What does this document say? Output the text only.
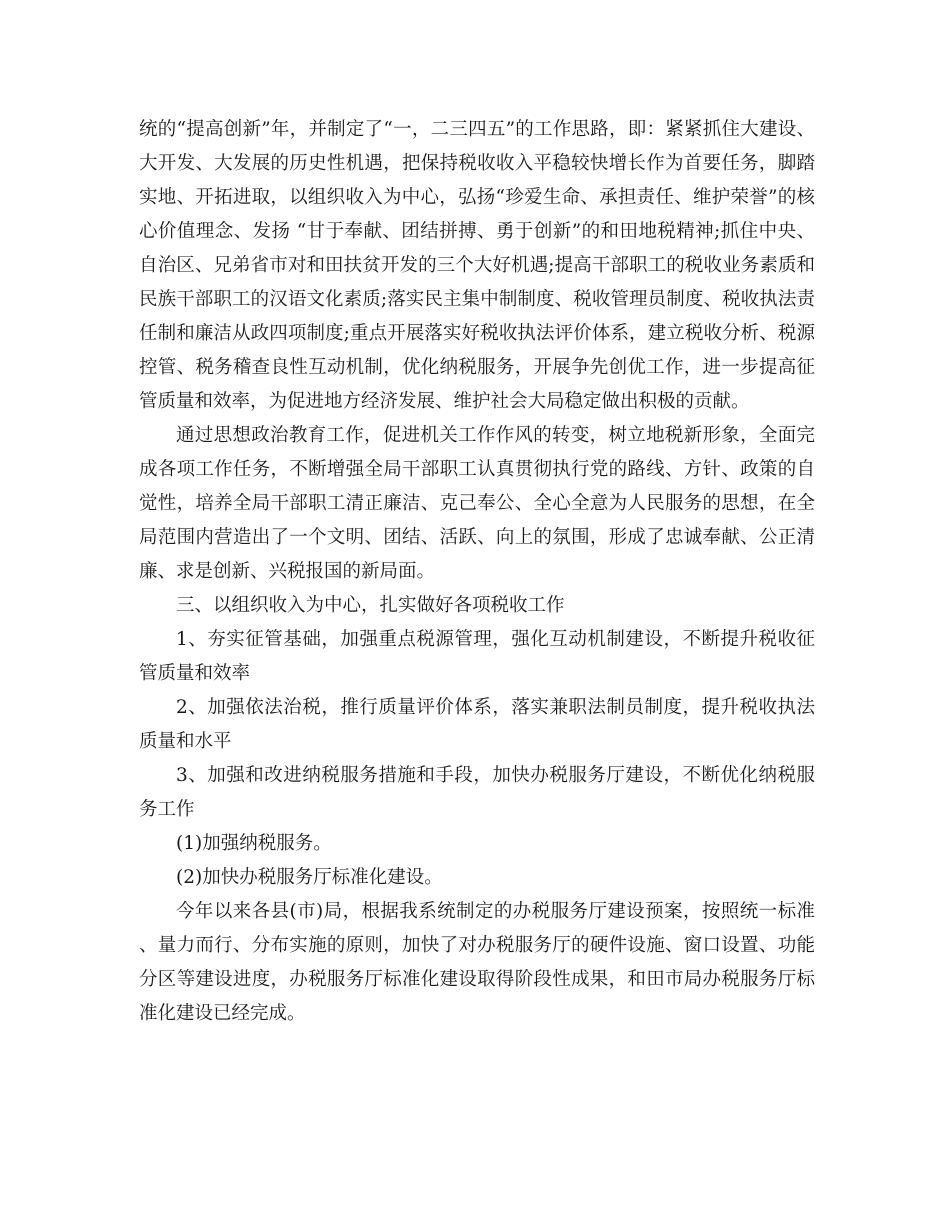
统的“提高创新”年，并制定了“一，二三四五”的工作思路，即：紧紧抓住大建设、大开发、大发展的历史性机遇，把保持税收收入平稳较快增长作为首要任务，脚踏实地、开拓进取，以组织收入为中心，弘扬“珍爱生命、承担责任、维护荣誉”的核心价值理念、发扬 “甘于奉献、团结拼搏、勇于创新”的和田地税精神;抓住中央、自治区、兄弟省市对和田扶贫开发的三个大好机遇;提高干部职工的税收业务素质和民族干部职工的汉语文化素质;落实民主集中制制度、税收管理员制度、税收执法责任制和廉洁从政四项制度;重点开展落实好税收执法评价体系，建立税收分析、税源控管、税务稽查良性互动机制，优化纳税服务，开展争先创优工作，进一步提高征管质量和效率，为促进地方经济发展、维护社会大局稳定做出积极的贡献。

通过思想政治教育工作，促进机关工作作风的转变，树立地税新形象，全面完成各项工作任务，不断增强全局干部职工认真贯彻执行党的路线、方针、政策的自觉性，培养全局干部职工清正廉洁、克己奉公、全心全意为人民服务的思想，在全局范围内营造出了一个文明、团结、活跃、向上的氛围，形成了忠诚奉献、公正清廉、求是创新、兴税报国的新局面。

三、以组织收入为中心，扎实做好各项税收工作

1、夯实征管基础，加强重点税源管理，强化互动机制建设，不断提升税收征管质量和效率

2、加强依法治税，推行质量评价体系，落实兼职法制员制度，提升税收执法质量和水平

3、加强和改进纳税服务措施和手段，加快办税服务厅建设，不断优化纳税服务工作

(1)加强纳税服务。

(2)加快办税服务厅标准化建设。

今年以来各县(市)局，根据我系统制定的办税服务厅建设预案，按照统一标准、量力而行、分布实施的原则，加快了对办税服务厅的硬件设施、窗口设置、功能分区等建设进度，办税服务厅标准化建设取得阶段性成果，和田市局办税服务厅标准化建设已经完成。
